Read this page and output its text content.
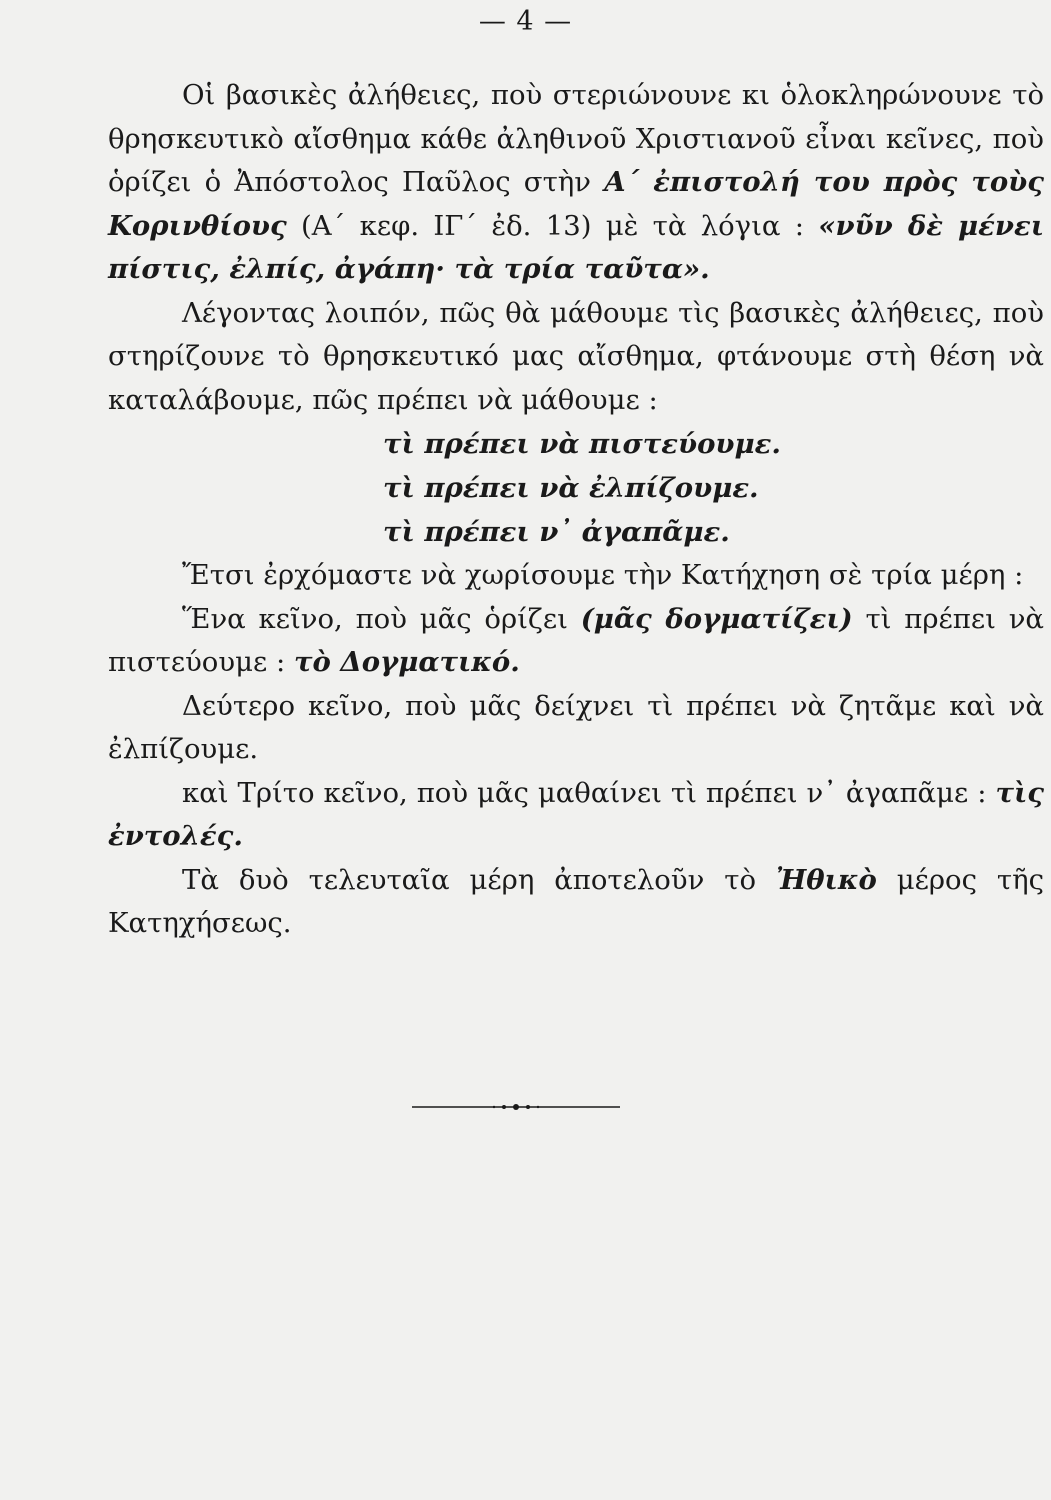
— 4 —

Οἱ βασικὲς ἀλήθειες, ποὺ στεριώνουνε κι ὁλοκληρώνουνε τὸ θρησκευτικὸ αἴσθημα κάθε ἀληθινοῦ Χριστιανοῦ εἶναι κεῖνες, ποὺ ὁρίζει ὁ Ἀπόστολος Παῦλος στὴν Α΄ ἐπιστολή του πρὸς τοὺς Κορινθίους (Α΄ κεφ. ΙΓ΄ ἐδ. 13) μὲ τὰ λόγια : «νῦν δὲ μένει πίστις, ἐλπίς, ἀγάπη· τὰ τρία ταῦτα».

Λέγοντας λοιπόν, πῶς θὰ μάθουμε τὶς βασικὲς ἀλήθειες, ποὺ στηρίζουνε τὸ θρησκευτικό μας αἴσθημα, φτάνουμε στὴ θέση νὰ καταλάβουμε, πῶς πρέπει νὰ μάθουμε :

τὶ πρέπει νὰ πιστεύουμε.

τὶ πρέπει νὰ ἐλπίζουμε.

τὶ πρέπει ν᾽ ἀγαπᾶμε.

Ἔτσι ἐρχόμαστε νὰ χωρίσουμε τὴν Κατήχηση σὲ τρία μέρη :

Ἕνα κεῖνο, ποὺ μᾶς ὁρίζει (μᾶς δογματίζει) τὶ πρέπει νὰ πιστεύουμε : τὸ Δογματικό.

Δεύτερο κεῖνο, ποὺ μᾶς δείχνει τὶ πρέπει νὰ ζητᾶμε καὶ νὰ ἐλπίζουμε.

καὶ Τρίτο κεῖνο, ποὺ μᾶς μαθαίνει τὶ πρέπει ν᾽ ἀγαπᾶμε : τὶς ἐντολές.

Τὰ δυὸ τελευταῖα μέρη ἀποτελοῦν τὸ Ἠθικὸ μέρος τῆς Κατηχήσεως.
